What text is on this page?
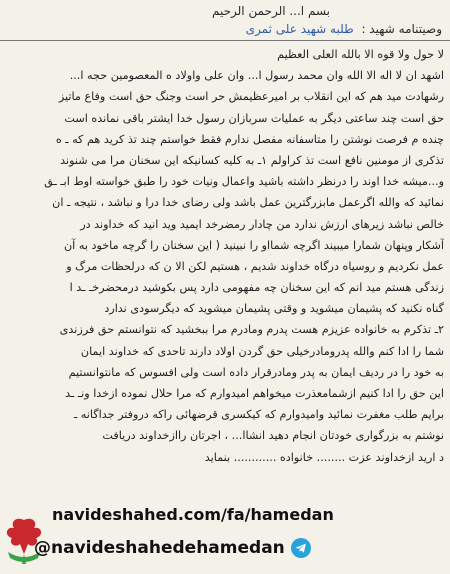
بسم ا... الرحمن الرحیم
وصیتنامه شهید : طلبه شهید علی ثمری
لا حول ولا قوه الا بالله العلی العظیم
اشهد ان لا اله الا الله وان محمد رسول ا... وان علی واولاد ه المعصومین حجه ا...
رشهادت مید هم که این انقلاب بر امیرعظیمش حر است وجنگ حق است وفاع ماتیز
حق است چند ساعتی دیگر به عملیات سربازان رسول خدا ایشتر باقی نمانده است
چنده م فرصت نوشتن را متاسفانه مفصل ندارم فقط خواستم چند تذ کرید هم که ـ ه
تذکری از مومنین نافع است تذ کراولم ۱ـ به کلیه کسانیکه این سخنان مرا می شنوند
و...میشه خدا اوند را درنظر داشته باشید واعمال ونیات خود را طبق خواسته اوط ابـ ـق
نمائید که والله اگرعمل مابزرگترین عمل باشد ولی رضای خدا درا و نباشد ، نتیجه ـ ان
خالص نباشد زیرهای ارزش ندارد من چادار رمضرخد ایمید وید انید که خداوند در
آشکار وپنهان شمارا میبیند اگرچه شمااو را نبینید ( این سخنان را گرچه ماخود به آن
عمل نکردیم و روسیاه درگاه خداوند شدیم ، هستیم لکن الا ن که درلحظات مرگ و
زندگی هستم مید انم که این سخنان چه مفهومی دارد پس بکوشید درمحضرخـ ـد ا
گناه نکنید که پشیمان میشوید و وقتی پشیمان میشوید که دیگرسودی ندارد
۲ـ تذکرم به خانواده عزیزم هست پدرم ومادرم مرا ببخشید که نتوانستم حق فرزندی
شما را ادا کنم والله پدرومادرخیلی حق گردن اولاد دارند تاحدی که خداوند ایمان
به خود را در ردیف ایمان به پدر ومادرقرار داده است ولی افسوس که مانتوانستیم
این حق را ادا کنیم ازشمامعذرت میخواهم امیدوارم که مرا حلال نموده ازخدا ونـ ـد
برایم طلب مغفرت نمائید وامیدوارم که کیکسری قرضهائی راکه دروفتر جداگانه ـ
نوشتم به بزرگواری خودتان انجام دهید انشاا... ، اجرتان راازخداوند دریافت
د ارید ازخداوند عزت ........ خانواده ............ بنماید
navideshahed.com/fa/hamedan
@navideshahedehamedan
